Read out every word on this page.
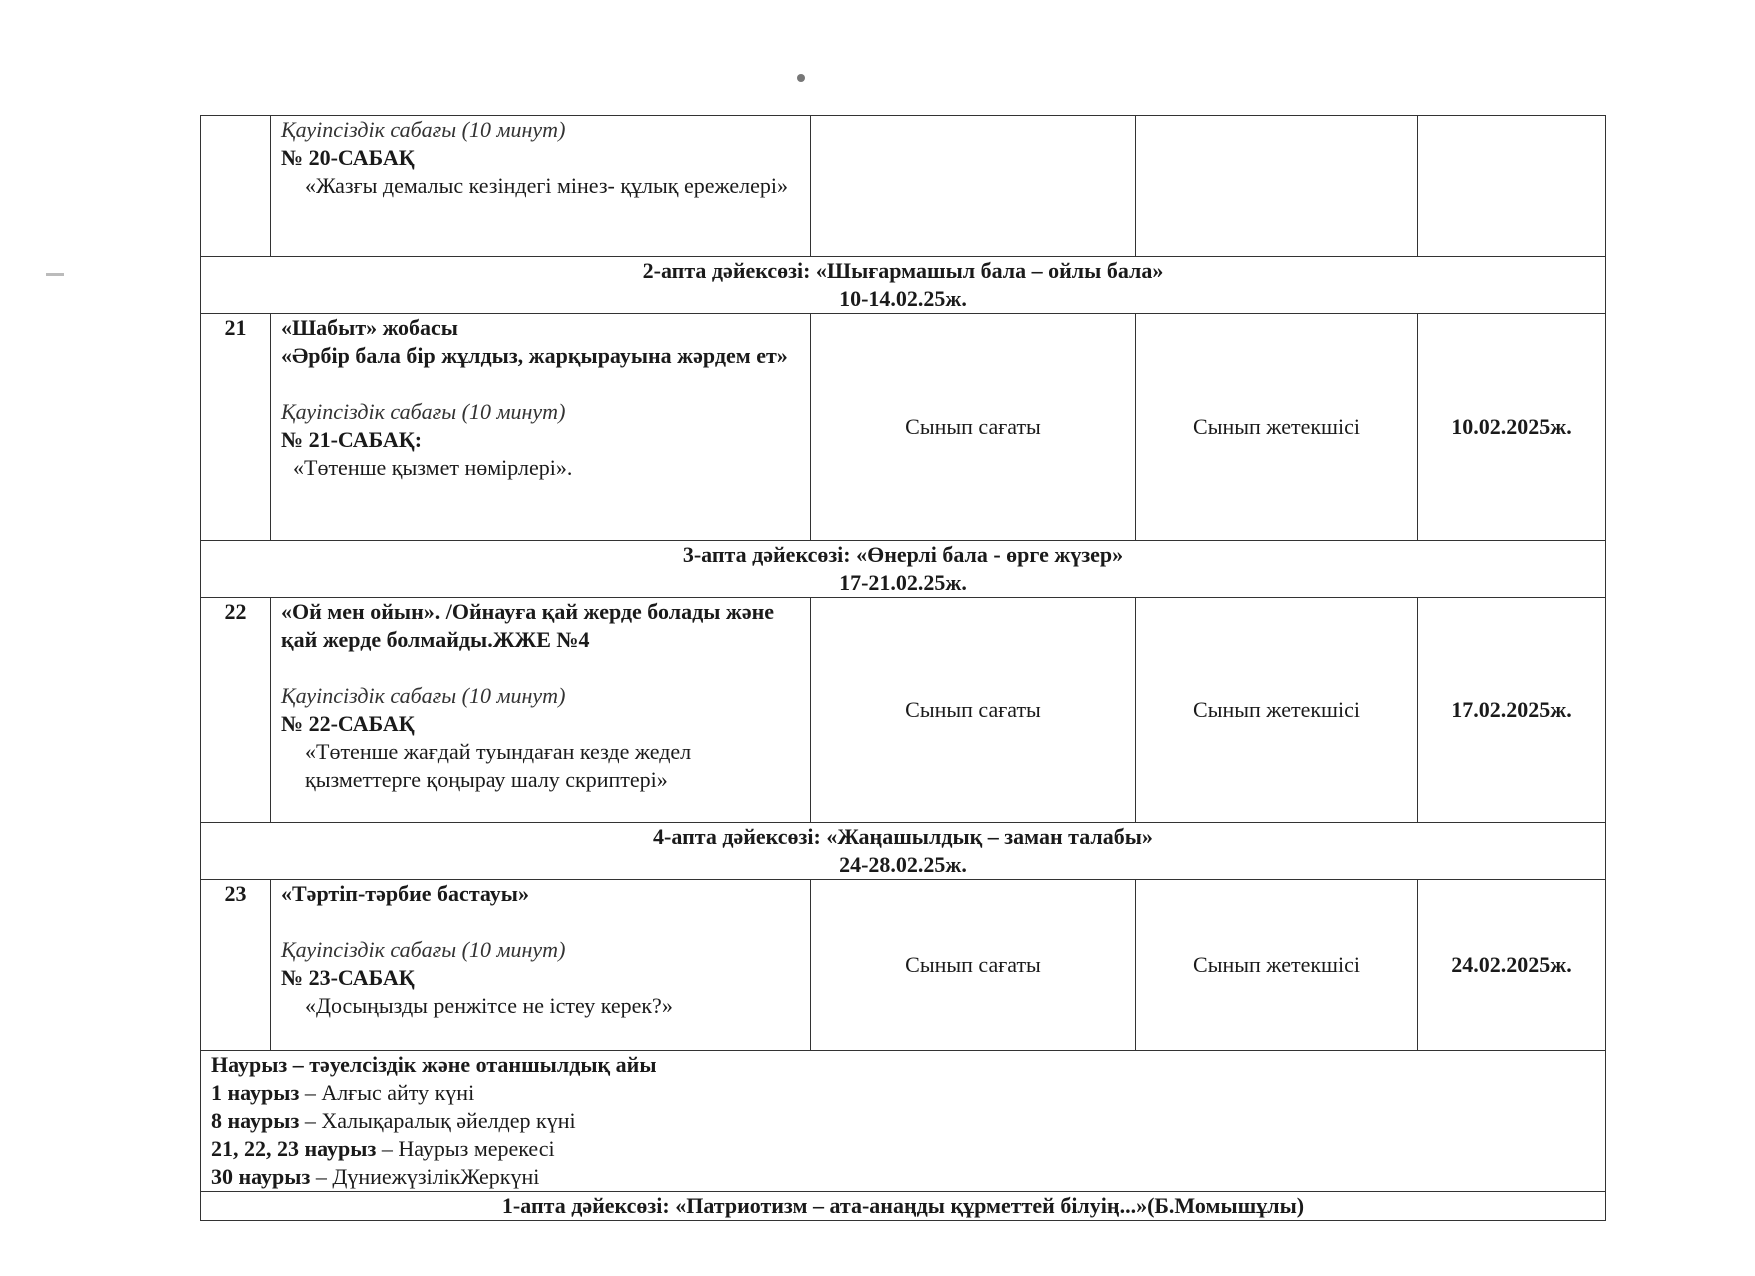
	Қауіпсіздік сабағы (10 минут)
№ 20-САБАҚ
«Жазғы демалыс кезіндегі мінез- құлық ережелері»			

2-апта дәйексөзі: «Шығармашыл бала – ойлы бала»
10-14.02.25ж.				

21	«Шабыт» жобасы
«Әрбір бала бір жұлдыз, жарқырауына жәрдем ет»
Қауіпсіздік сабағы (10 минут)
№ 21-САБАҚ:
«Төтенше қызмет нөмірлері».	Сынып сағаты	Сынып жетекшісі	10.02.2025ж.

3-апта дәйексөзі: «Өнерлі бала - өрге жүзер»
17-21.02.25ж.				

22	«Ой мен ойын». /Ойнауға қай жерде болады және қай жерде болмайды.ЖЖЕ №4
Қауіпсіздік сабағы (10 минут)
№ 22-САБАҚ
«Төтенше жағдай туындаған кезде жедел қызметтерге қоңырау шалу скриптері»	Сынып сағаты	Сынып жетекшісі	17.02.2025ж.

4-апта дәйексөзі: «Жаңашылдық – заман талабы»
24-28.02.25ж.				

23	«Тәртіп-тәрбие бастауы»
Қауіпсіздік сабағы (10 минут)
№ 23-САБАҚ
«Досыңызды ренжітсе не істеу керек?»	Сынып сағаты	Сынып жетекшісі	24.02.2025ж.

Наурыз – тәуелсіздік және отаншылдық айы
1 наурыз – Алғыс айту күні
8 наурыз – Халықаралық әйелдер күні
21, 22, 23 наурыз – Наурыз мерекесі
30 наурыз – ДүниежүзілікЖеркүні				

1-апта дәйексөзі: «Патриотизм – ата-анаңды құрметтей білуің...»(Б.Момышұлы)				
